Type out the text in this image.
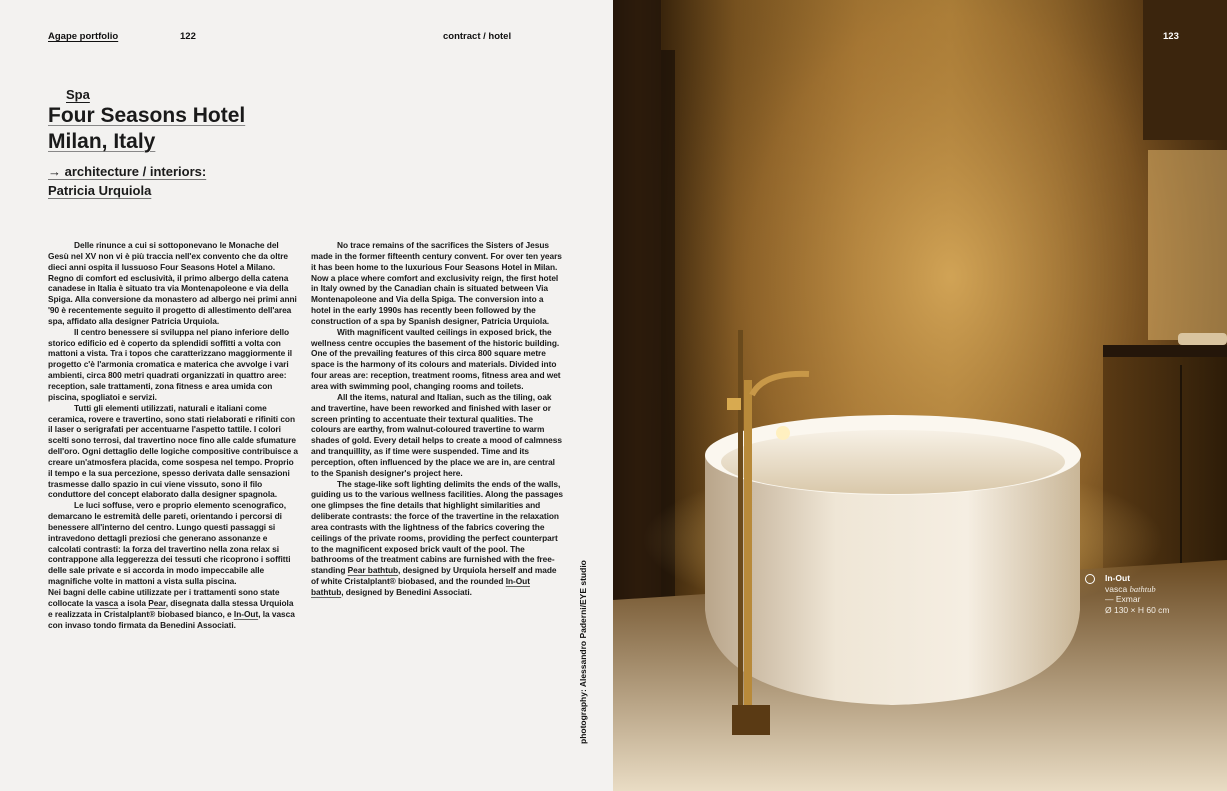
Agape portfolio	122	contract / hotel
Spa
Four Seasons Hotel
Milan, Italy
→ architecture / interiors:
Patricia Urquiola

Delle rinunce a cui si sottoponevano le Monache del Gesù nel XV non vi è più traccia nell'ex convento che da oltre dieci anni ospita il lussuoso Four Seasons Hotel a Milano. Regno di comfort ed esclusività, il primo albergo della catena canadese in Italia è situato tra via Montenapoleone e via della Spiga. Alla conversione da monastero ad albergo nei primi anni '90 è recentemente seguito il progetto di allestimento dell'area spa, affidato alla designer Patricia Urquiola.

Il centro benessere si sviluppa nel piano inferiore dello storico edificio ed è coperto da splendidi soffitti a volta con mattoni a vista. Tra i topos che caratterizzano maggiormente il progetto c'è l'armonia cromatica e materica che avvolge i vari ambienti, circa 800 metri quadrati organizzati in quattro aree: reception, sale trattamenti, zona fitness e area umida con piscina, spogliatoi e servizi.

Tutti gli elementi utilizzati, naturali e italiani come ceramica, rovere e travertino, sono stati rielaborati e rifiniti con il laser o serigrafati per accentuarne l'aspetto tattile. I colori scelti sono terrosi, dal travertino noce fino alle calde sfumature dell'oro. Ogni dettaglio delle logiche compositive contribuisce a creare un'atmosfera placida, come sospesa nel tempo. Proprio il tempo e la sua percezione, spesso derivata dalle sensazioni trasmesse dallo spazio in cui viene vissuto, sono il filo conduttore del concept elaborato dalla designer spagnola.

Le luci soffuse, vero e proprio elemento scenografico, demarcano le estremità delle pareti, orientando i percorsi di benessere all'interno del centro. Lungo questi passaggi si intravedono dettagli preziosi che generano assonanze e calcolati contrasti: la forza del travertino nella zona relax si contrappone alla leggerezza dei tessuti che ricoprono i soffitti delle sale private e si accorda in modo impeccabile alle magnifiche volte in mattoni a vista sulla piscina.

Nei bagni delle cabine utilizzate per i trattamenti sono state collocate la vasca a isola Pear, disegnata dalla stessa Urquiola e realizzata in Cristalplant® biobased bianco, e In-Out, la vasca con invaso tondo firmata da Benedini Associati.

No trace remains of the sacrifices the Sisters of Jesus made in the former fifteenth century convent. For over ten years it has been home to the luxurious Four Seasons Hotel in Milan. Now a place where comfort and exclusivity reign, the first hotel in Italy owned by the Canadian chain is situated between Via Montenapoleone and Via della Spiga. The conversion into a hotel in the early 1990s has recently been followed by the construction of a spa by Spanish designer, Patricia Urquiola.

With magnificent vaulted ceilings in exposed brick, the wellness centre occupies the basement of the historic building. One of the prevailing features of this circa 800 square metre space is the harmony of its colours and materials. Divided into four areas are: reception, treatment rooms, fitness area and wet area with swimming pool, changing rooms and toilets.

All the items, natural and Italian, such as the tiling, oak and travertine, have been reworked and finished with laser or screen printing to accentuate their textural qualities. The colours are earthy, from walnut-coloured travertine to warm shades of gold. Every detail helps to create a mood of calmness and tranquillity, as if time were suspended. Time and its perception, often influenced by the place we are in, are central to the Spanish designer's project here.

The stage-like soft lighting delimits the ends of the walls, guiding us to the various wellness facilities. Along the passages one glimpses the fine details that highlight similarities and deliberate contrasts: the force of the travertine in the relaxation area contrasts with the lightness of the fabrics covering the ceilings of the private rooms, providing the perfect counterpart to the magnificent exposed brick vault of the pool. The bathrooms of the treatment cabins are furnished with the free-standing Pear bathtub, designed by Urquiola herself and made of white Cristalplant® biobased, and the rounded In-Out bathtub, designed by Benedini Associati.	photography: Alessandro Paderni/EYE studio
123
In-Out
vasca bathtub
— Exmar
Ø 130 × H 60 cm
